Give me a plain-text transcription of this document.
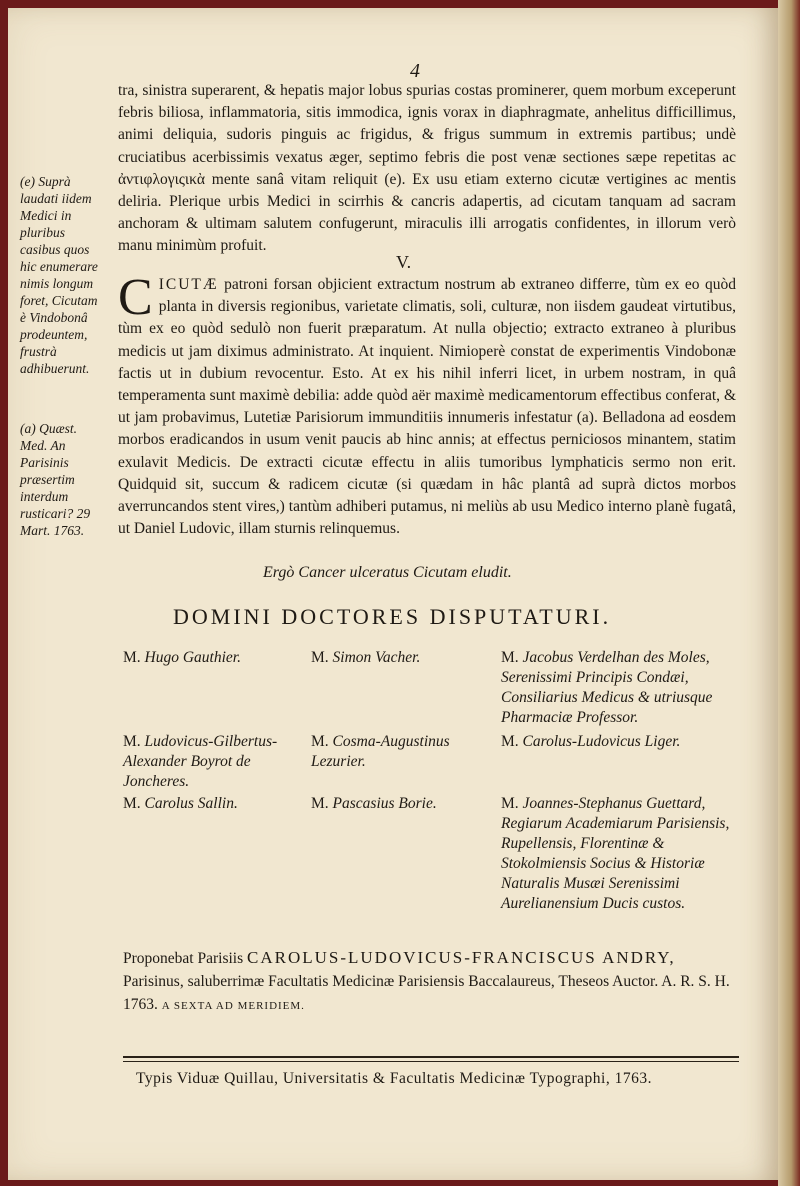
4
tra, sinistra superarent, & hepatis major lobus spurias costas prominerer, quem morbum exceperunt febris biliosa, inflammatoria, sitis immodica, ignis vorax in diaphragmate, anhelitus difficillimus, animi deliquia, sudoris pinguis ac frigidus, & frigus summum in extremis partibus; undè cruciatibus acerbissimis vexatus æger, septimo febris die post venæ sectiones sæpe repetitas ac ἀντιφλογιςικὰ mente sanâ vitam reliquit (e). Ex usu etiam externo cicutæ vertigines ac mentis deliria. Plerique urbis Medici in scirrhis & cancris adapertis, ad cicutam tanquam ad sacram anchoram & ultimam salutem confugerunt, miraculis illi arrogatis confidentes, in illorum verò manu minimùm profuit.
(e) Suprà laudati iidem Medici in pluribus casibus quos hic enumerare nimis longum foret, Cicutam è Vindobonâ prodeuntem, frustrà adhibuerunt.
V.
CICUTÆ patroni forsan objicient extractum nostrum ab extraneo differre, tùm ex eo quòd planta in diversis regionibus, varietate climatis, soli, culturæ, non iisdem gaudeat virtutibus, tùm ex eo quòd sedulò non fuerit præparatum. At nulla objectio; extracto extraneo à pluribus medicis ut jam diximus administrato. At inquient. Nimioperè constat de experimentis Vindobonæ factis ut in dubium revocentur. Esto. At ex his nihil inferri licet, in urbem nostram, in quâ temperamenta sunt maximè debilia: adde quòd aër maximè medicamentorum effectibus conferat, & ut jam probavimus, Lutetiæ Parisiorum immunditiis innumeris infestatur (a). Belladona ad eosdem morbos eradicandos in usum venit paucis ab hinc annis; at effectus perniciosos minantem, statim exulavit Medicis. De extracti cicutæ effectu in aliis tumoribus lymphaticis sermo non erit. Quidquid sit, succum & radicem cicutæ (si quædam in hâc plantâ ad suprà dictos morbos averruncandos stent vires,) tantùm adhiberi putamus, ni meliùs ab usu Medico interno planè fugatâ, ut Daniel Ludovic, illam sturnis relinquemus.
(a) Quæst. Med. An Parisinis præsertim interdum rusticari? 29 Mart. 1763.
Ergò Cancer ulceratus Cicutam eludit.
DOMINI DOCTORES DISPUTATURI.
M. Hugo Gauthier.
M. Ludovicus-Gilbertus-Alexander Boyrot de Joncheres.
M. Carolus Sallin.
M. Simon Vacher.
M. Cosma-Augustinus Lezurier.
M. Pascasius Borie.
M. Jacobus Verdelhan des Moles, Serenissimi Principis Condæi, Consiliarius Medicus & utriusque Pharmaciæ Professor.
M. Carolus-Ludovicus Liger.
M. Joannes-Stephanus Guettard, Regiarum Academiarum Parisiensis, Rupellensis, Florentinæ & Stokolmiensis Socius & Historiæ Naturalis Musæi Serenissimi Aurelianensium Ducis custos.
Proponebat Parisiis CAROLUS-LUDOVICUS-FRANCISCUS ANDRY, Parisinus, saluberrimæ Facultatis Medicinæ Parisiensis Baccalaureus, Theseos Auctor. A. R. S. H. 1763. A SEXTA AD MERIDIEM.
Typis Viduæ Quillau, Universitatis & Facultatis Medicinæ Typographi, 1763.
